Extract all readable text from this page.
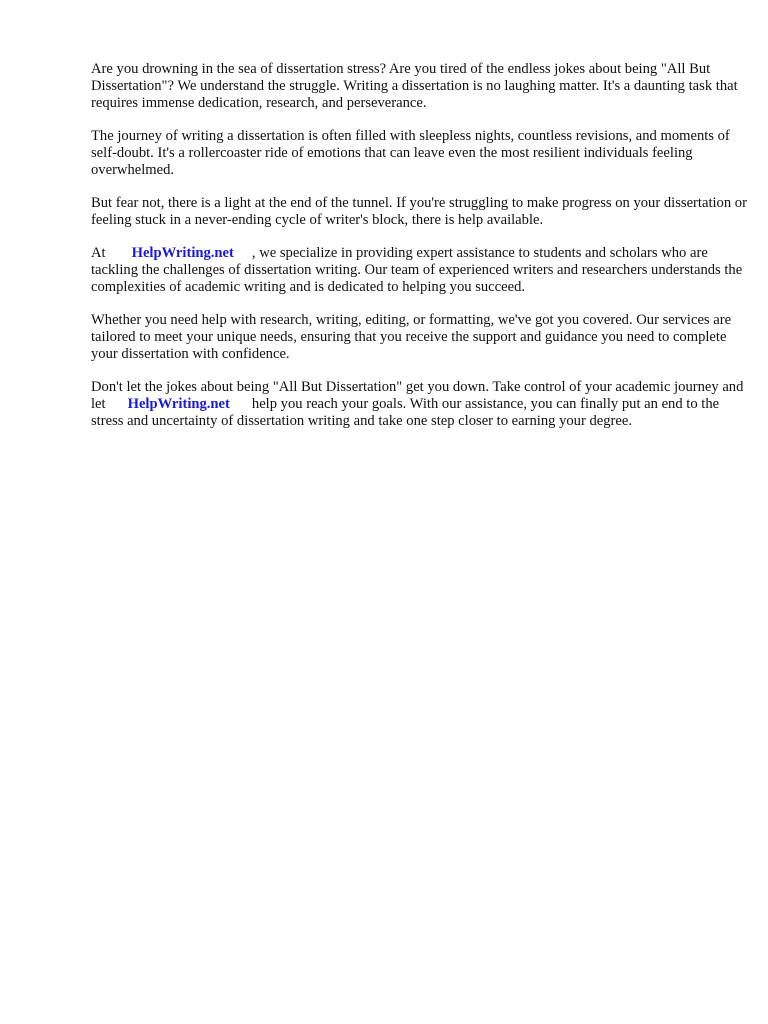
Are you drowning in the sea of dissertation stress? Are you tired of the endless jokes about being "All But Dissertation"? We understand the struggle. Writing a dissertation is no laughing matter. It's a daunting task that requires immense dedication, research, and perseverance.

The journey of writing a dissertation is often filled with sleepless nights, countless revisions, and moments of self-doubt. It's a rollercoaster ride of emotions that can leave even the most resilient individuals feeling overwhelmed.

But fear not, there is a light at the end of the tunnel. If you're struggling to make progress on your dissertation or feeling stuck in a never-ending cycle of writer's block, there is help available.

At HelpWriting.net , we specialize in providing expert assistance to students and scholars who are tackling the challenges of dissertation writing. Our team of experienced writers and researchers understands the complexities of academic writing and is dedicated to helping you succeed.

Whether you need help with research, writing, editing, or formatting, we've got you covered. Our services are tailored to meet your unique needs, ensuring that you receive the support and guidance you need to complete your dissertation with confidence.

Don't let the jokes about being "All But Dissertation" get you down. Take control of your academic journey and let HelpWriting.net help you reach your goals. With our assistance, you can finally put an end to the stress and uncertainty of dissertation writing and take one step closer to earning your degree.
